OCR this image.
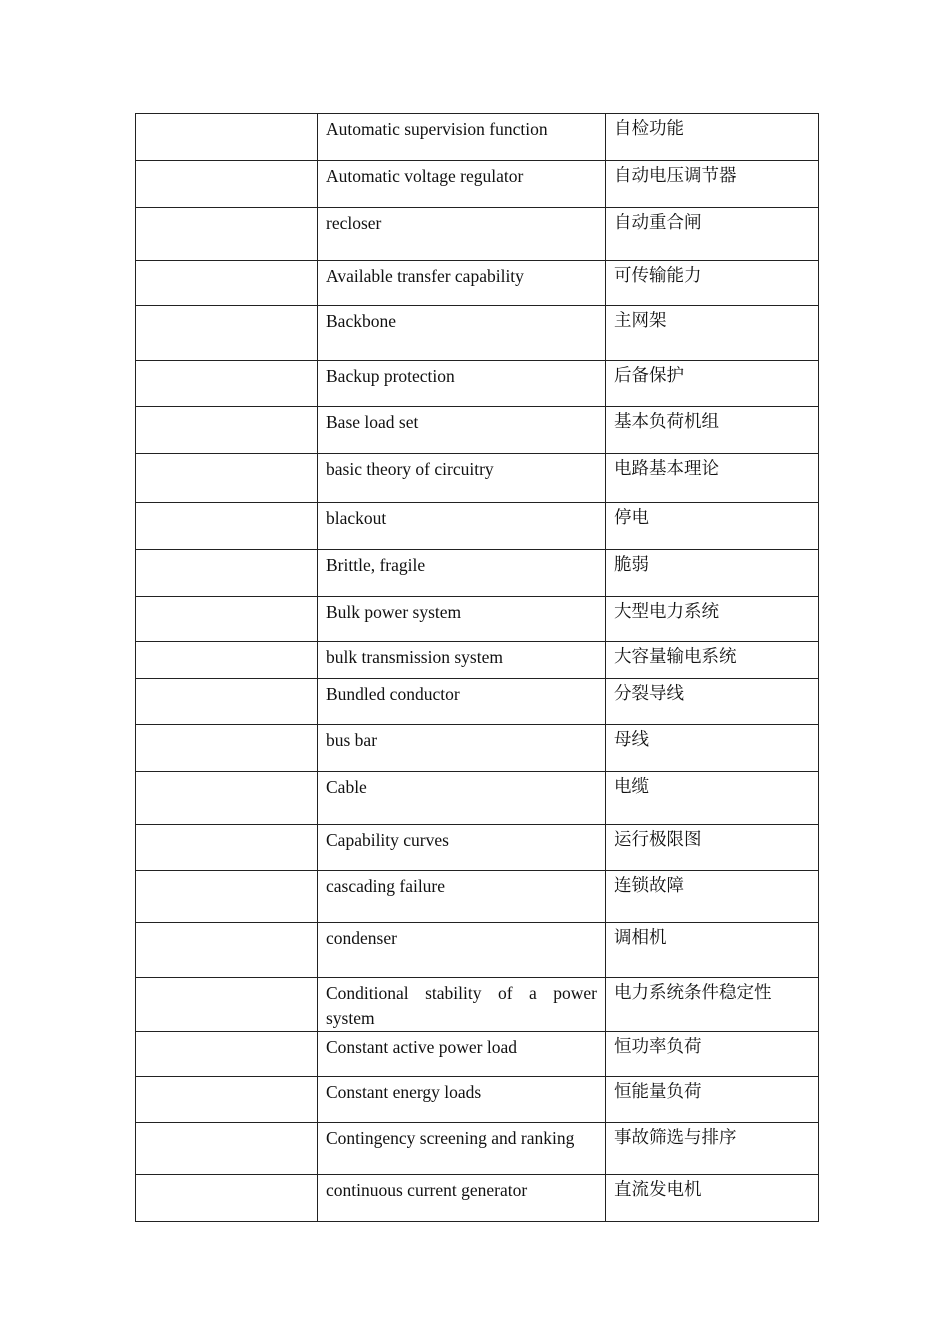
	Automatic supervision function	自检功能
	Automatic voltage regulator	自动电压调节器
	recloser	自动重合闸
	Available transfer capability	可传输能力
	Backbone	主网架
	Backup protection	后备保护
	Base load set	基本负荷机组
	basic theory of circuitry	电路基本理论
	blackout	停电
	Brittle, fragile	脆弱
	Bulk power system	大型电力系统
	bulk transmission system	大容量输电系统
	Bundled conductor	分裂导线
	bus bar	母线
	Cable	电缆
	Capability curves	运行极限图
	cascading failure	连锁故障
	condenser	调相机
	Conditional stability of a power system	电力系统条件稳定性
	Constant active power load	恒功率负荷
	Constant energy loads	恒能量负荷
	Contingency screening and ranking	事故筛选与排序
	continuous current generator	直流发电机
